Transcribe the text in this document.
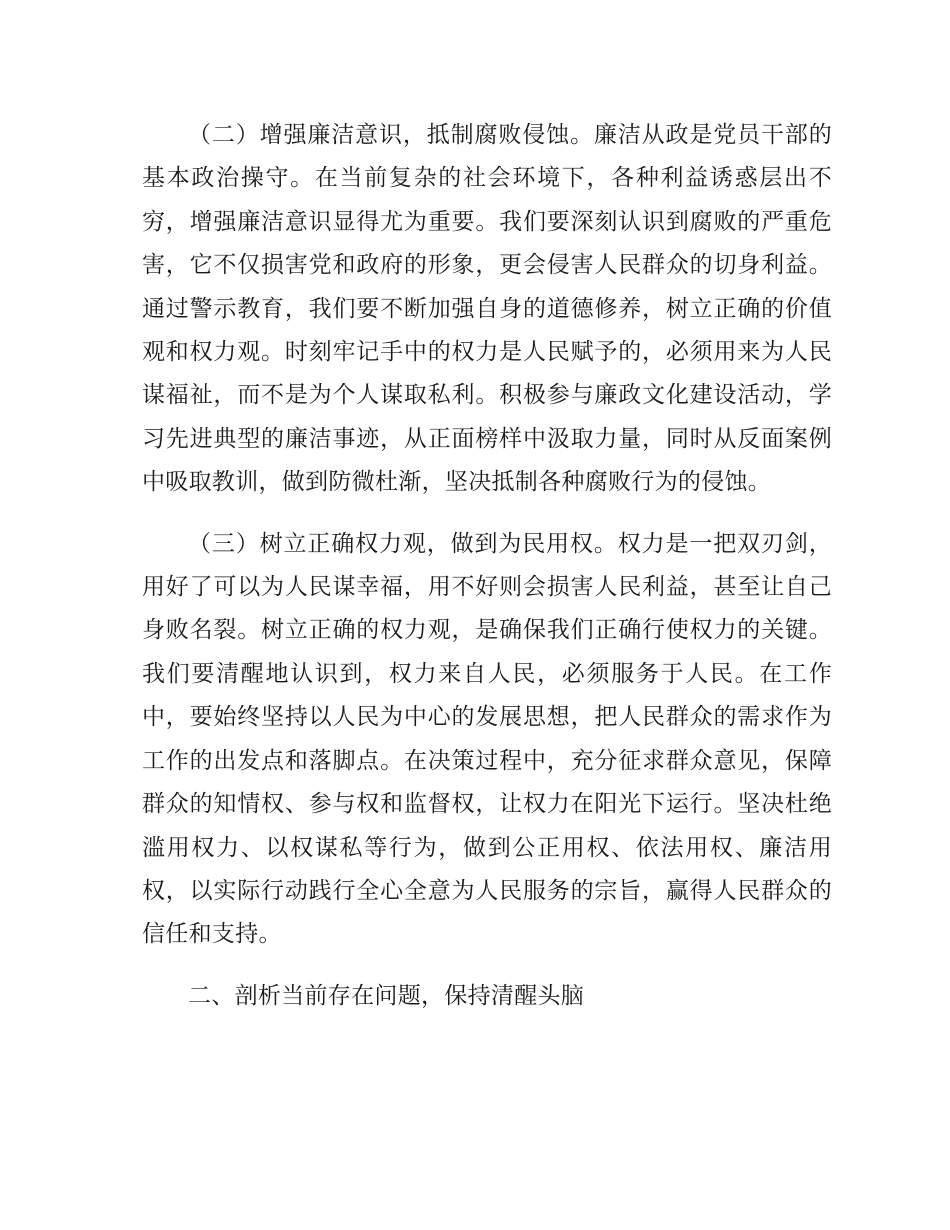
（二）增强廉洁意识，抵制腐败侵蚀。廉洁从政是党员干部的基本政治操守。在当前复杂的社会环境下，各种利益诱惑层出不穷，增强廉洁意识显得尤为重要。我们要深刻认识到腐败的严重危害，它不仅损害党和政府的形象，更会侵害人民群众的切身利益。通过警示教育，我们要不断加强自身的道德修养，树立正确的价值观和权力观。时刻牢记手中的权力是人民赋予的，必须用来为人民谋福祉，而不是为个人谋取私利。积极参与廉政文化建设活动，学习先进典型的廉洁事迹，从正面榜样中汲取力量，同时从反面案例中吸取教训，做到防微杜渐，坚决抵制各种腐败行为的侵蚀。

（三）树立正确权力观，做到为民用权。权力是一把双刃剑，用好了可以为人民谋幸福，用不好则会损害人民利益，甚至让自己身败名裂。树立正确的权力观，是确保我们正确行使权力的关键。我们要清醒地认识到，权力来自人民，必须服务于人民。在工作中，要始终坚持以人民为中心的发展思想，把人民群众的需求作为工作的出发点和落脚点。在决策过程中，充分征求群众意见，保障群众的知情权、参与权和监督权，让权力在阳光下运行。坚决杜绝滥用权力、以权谋私等行为，做到公正用权、依法用权、廉洁用权，以实际行动践行全心全意为人民服务的宗旨，赢得人民群众的信任和支持。

二、剖析当前存在问题，保持清醒头脑
